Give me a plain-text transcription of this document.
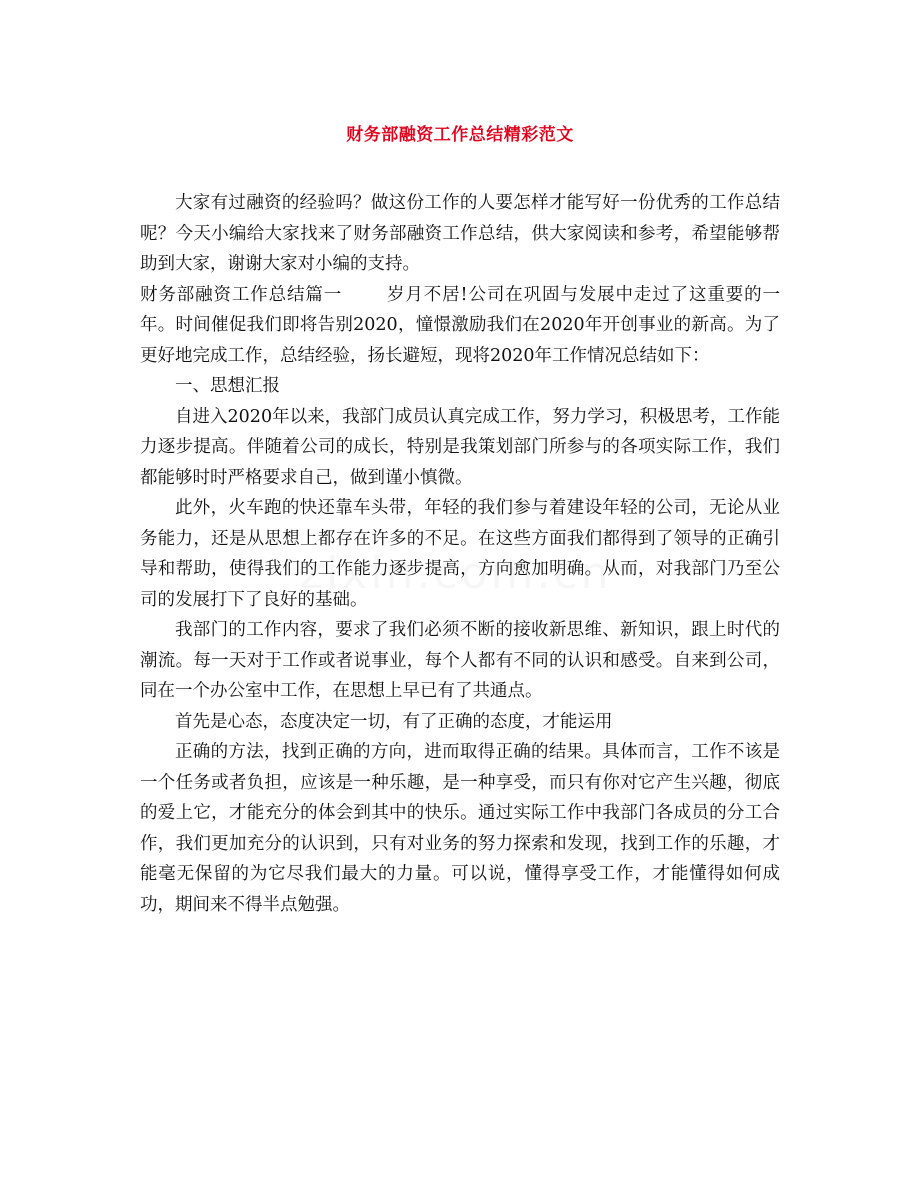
财务部融资工作总结精彩范文

大家有过融资的经验吗？做这份工作的人要怎样才能写好一份优秀的工作总结呢？今天小编给大家找来了财务部融资工作总结，供大家阅读和参考，希望能够帮助到大家，谢谢大家对小编的支持。

财务部融资工作总结篇一	岁月不居!公司在巩固与发展中走过了这重要的一年。时间催促我们即将告别2020，憧憬激励我们在2020年开创事业的新高。为了更好地完成工作，总结经验，扬长避短，现将2020年工作情况总结如下：

一、思想汇报

自进入2020年以来，我部门成员认真完成工作，努力学习，积极思考，工作能力逐步提高。伴随着公司的成长，特别是我策划部门所参与的各项实际工作，我们都能够时时严格要求自己，做到谨小慎微。

此外，火车跑的快还靠车头带，年轻的我们参与着建设年轻的公司，无论从业务能力，还是从思想上都存在许多的不足。在这些方面我们都得到了领导的正确引导和帮助，使得我们的工作能力逐步提高，方向愈加明确。从而，对我部门乃至公司的发展打下了良好的基础。

我部门的工作内容，要求了我们必须不断的接收新思维、新知识，跟上时代的潮流。每一天对于工作或者说事业，每个人都有不同的认识和感受。自来到公司，同在一个办公室中工作，在思想上早已有了共通点。

首先是心态，态度决定一切，有了正确的态度，才能运用

正确的方法，找到正确的方向，进而取得正确的结果。具体而言，工作不该是一个任务或者负担，应该是一种乐趣，是一种享受，而只有你对它产生兴趣，彻底的爱上它，才能充分的体会到其中的快乐。通过实际工作中我部门各成员的分工合作，我们更加充分的认识到，只有对业务的努力探索和发现，找到工作的乐趣，才能毫无保留的为它尽我们最大的力量。可以说，懂得享受工作，才能懂得如何成功，期间来不得半点勉强。
